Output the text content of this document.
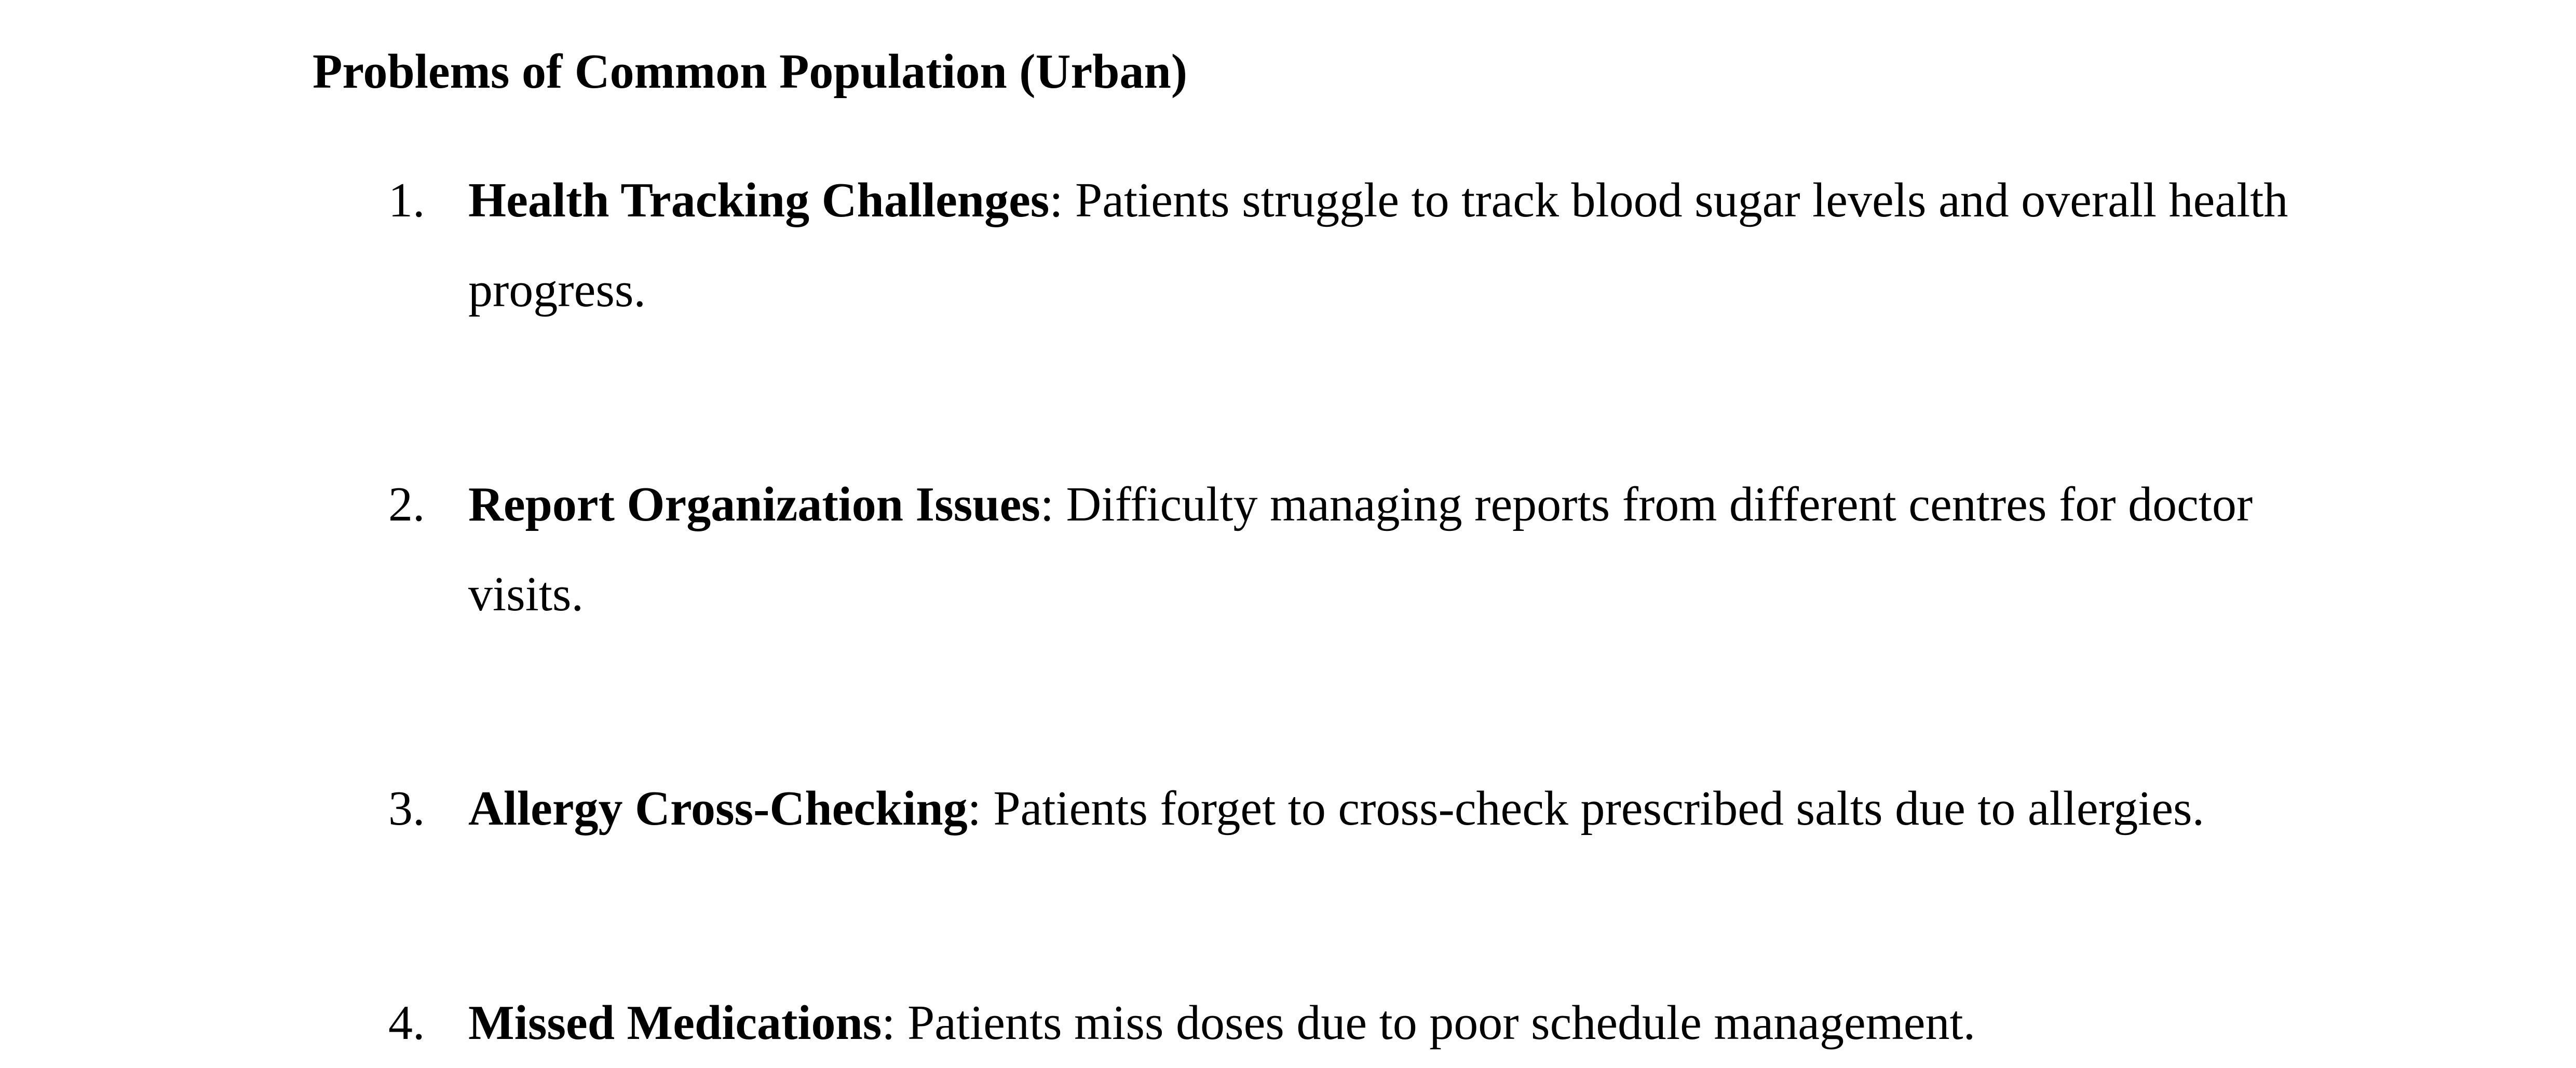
Problems of Common Population (Urban)
1. Health Tracking Challenges: Patients struggle to track blood sugar levels and overall health progress.
2. Report Organization Issues: Difficulty managing reports from different centres for doctor visits.
3. Allergy Cross-Checking: Patients forget to cross-check prescribed salts due to allergies.
4. Missed Medications: Patients miss doses due to poor schedule management.
